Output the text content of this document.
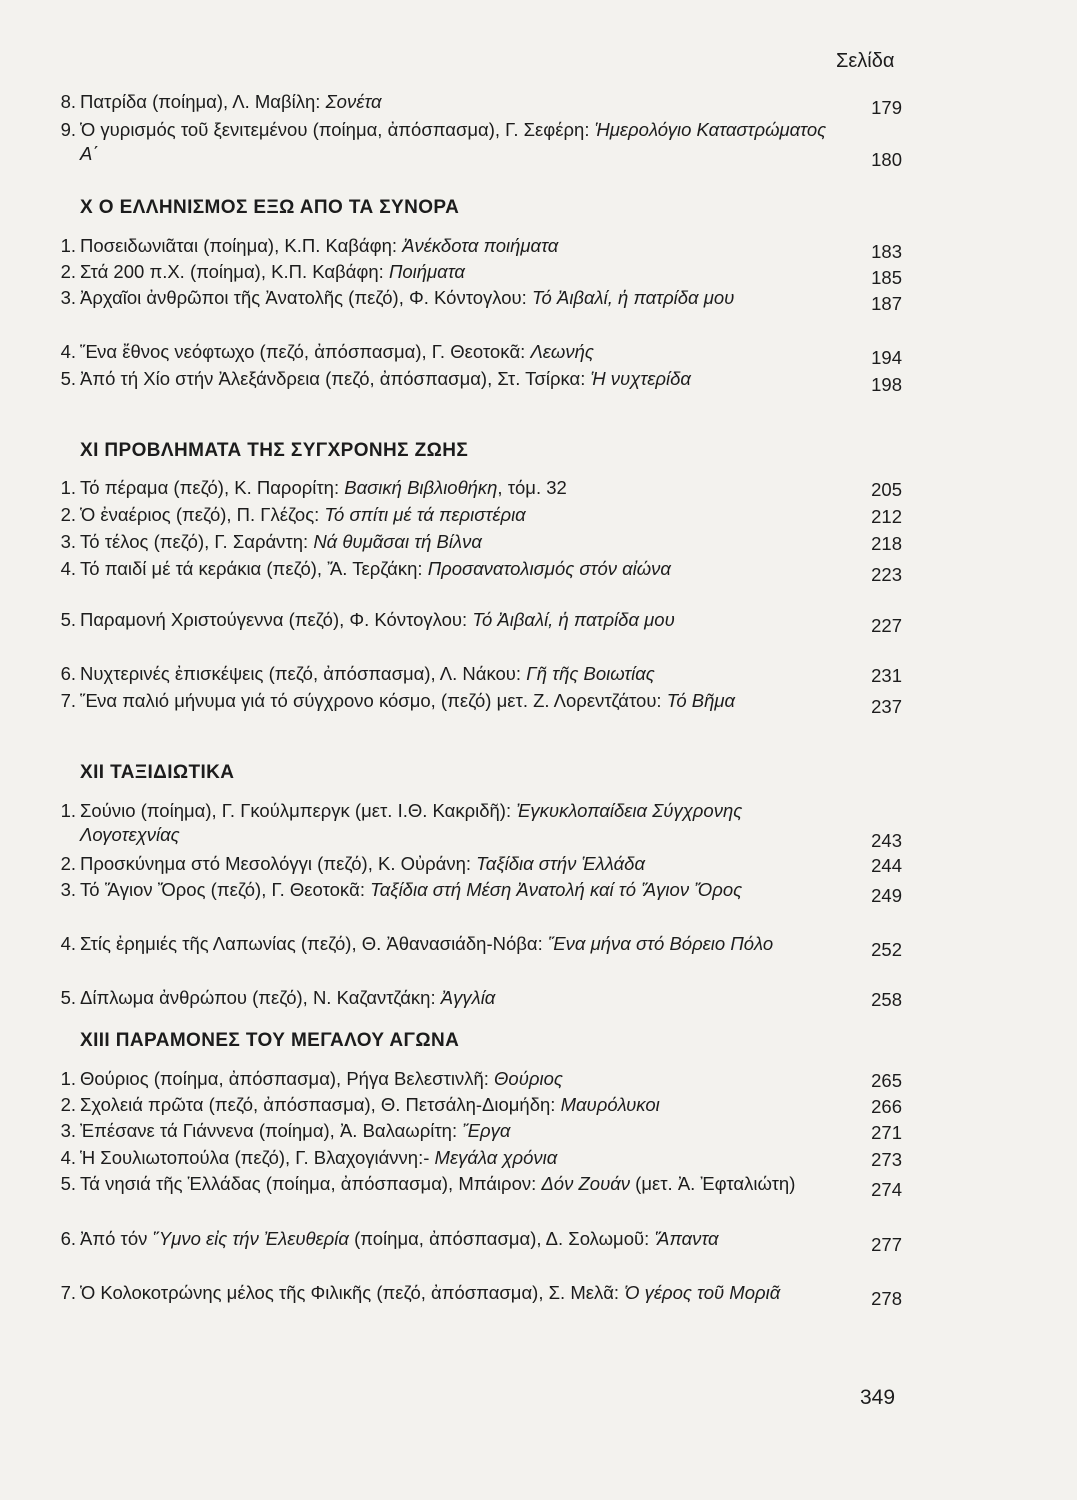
Σελίδα
8. Πατρίδα (ποίημα), Λ. Μαβίλη: Σονέτα	179
9. Ὁ γυρισμός τοῦ ξενιτεμένου (ποίημα, ἀπόσπασμα), Γ. Σεφέρη: Ἡμερολόγιο Καταστρώματος Α΄	180
Χ Ο ΕΛΛΗΝΙΣΜΟΣ ΕΞΩ ΑΠΟ ΤΑ ΣΥΝΟΡΑ
1. Ποσειδωνιᾶται (ποίημα), Κ.Π. Καβάφη: Ἀνέκδοτα ποιήματα	183
2. Στά 200 π.Χ. (ποίημα), Κ.Π. Καβάφη: Ποιήματα	185
3. Ἀρχαῖοι ἀνθρῶποι τῆς Ἀνατολῆς (πεζό), Φ. Κόντογλου: Τό Ἀιβαλί, ἡ πατρίδα μου	187
4. Ἕνα ἔθνος νεόφτωχο (πεζό, ἀπόσπασμα), Γ. Θεοτοκᾶ: Λεωνής	194
5. Ἀπό τή Χίο στήν Ἀλεξάνδρεια (πεζό, ἀπόσπασμα), Στ. Τσίρκα: Ἡ νυχτερίδα	198
ΧΙ ΠΡΟΒΛΗΜΑΤΑ ΤΗΣ ΣΥΓΧΡΟΝΗΣ ΖΩΗΣ
1. Τό πέραμα (πεζό), Κ. Παρορίτη: Βασική Βιβλιοθήκη, τόμ. 32	205
2. Ὁ ἐναέριος (πεζό), Π. Γλέζος: Τό σπίτι μέ τά περιστέρια	212
3. Τό τέλος (πεζό), Γ. Σαράντη: Νά θυμᾶσαι τή Βίλνα	218
4. Τό παιδί μέ τά κεράκια (πεζό), Ἄ. Τερζάκη: Προσανατολισμός στόν αἰώνα	223
5. Παραμονή Χριστούγεννα (πεζό), Φ. Κόντογλου: Τό Ἀιβαλί, ἡ πατρίδα μου	227
6. Νυχτερινές ἐπισκέψεις (πεζό, ἀπόσπασμα), Λ. Νάκου: Γῆ τῆς Βοιωτίας	231
7. Ἕνα παλιό μήνυμα γιά τό σύγχρονο κόσμο, (πεζό) μετ. Ζ. Λορεντζάτου: Τό Βῆμα	237
ΧΙΙ ΤΑΞΙΔΙΩΤΙΚΑ
1. Σούνιο (ποίημα), Γ. Γκούλμπεργκ (μετ. Ι.Θ. Κακριδῆ): Ἐγκυκλοπαίδεια Σύγχρονης Λογοτεχνίας	243
2. Προσκύνημα στό Μεσολόγγι (πεζό), Κ. Οὐράνη: Ταξίδια στήν Ἑλλάδα	244
3. Τό Ἅγιον Ὄρος (πεζό), Γ. Θεοτοκᾶ: Ταξίδια στή Μέση Ἀνατολή καί τό Ἅγιον Ὄρος	249
4. Στίς ἐρημιές τῆς Λαπωνίας (πεζό), Θ. Ἀθανασιάδη-Νόβα: Ἕνα μήνα στό Βόρειο Πόλο	252
5. Δίπλωμα ἀνθρώπου (πεζό), Ν. Καζαντζάκη: Ἀγγλία	258
ΧΙΙΙ ΠΑΡΑΜΟΝΕΣ ΤΟΥ ΜΕΓΑΛΟΥ ΑΓΩΝΑ
1. Θούριος (ποίημα, ἀπόσπασμα), Ρήγα Βελεστινλῆ: Θούριος	265
2. Σχολειά πρῶτα (πεζό, ἀπόσπασμα), Θ. Πετσάλη-Διομήδη: Μαυρόλυκοι	266
3. Ἐπέσανε τά Γιάννενα (ποίημα), Ἀ. Βαλαωρίτη: Ἔργα	271
4. Ἡ Σουλιωτοπούλα (πεζό), Γ. Βλαχογιάννη:- Μεγάλα χρόνια	273
5. Τά νησιά τῆς Ἑλλάδας (ποίημα, ἀπόσπασμα), Μπάιρον: Δόν Ζουάν (μετ. Ἀ. Ἐφταλιώτη)	274
6. Ἀπό τόν Ὕμνο εἰς τήν Ἐλευθερία (ποίημα, ἀπόσπασμα), Δ. Σολωμοῦ: Ἅπαντα	277
7. Ὁ Κολοκοτρώνης μέλος τῆς Φιλικῆς (πεζό, ἀπόσπασμα), Σ. Μελᾶ: Ὁ γέρος τοῦ Μοριᾶ	278
349
